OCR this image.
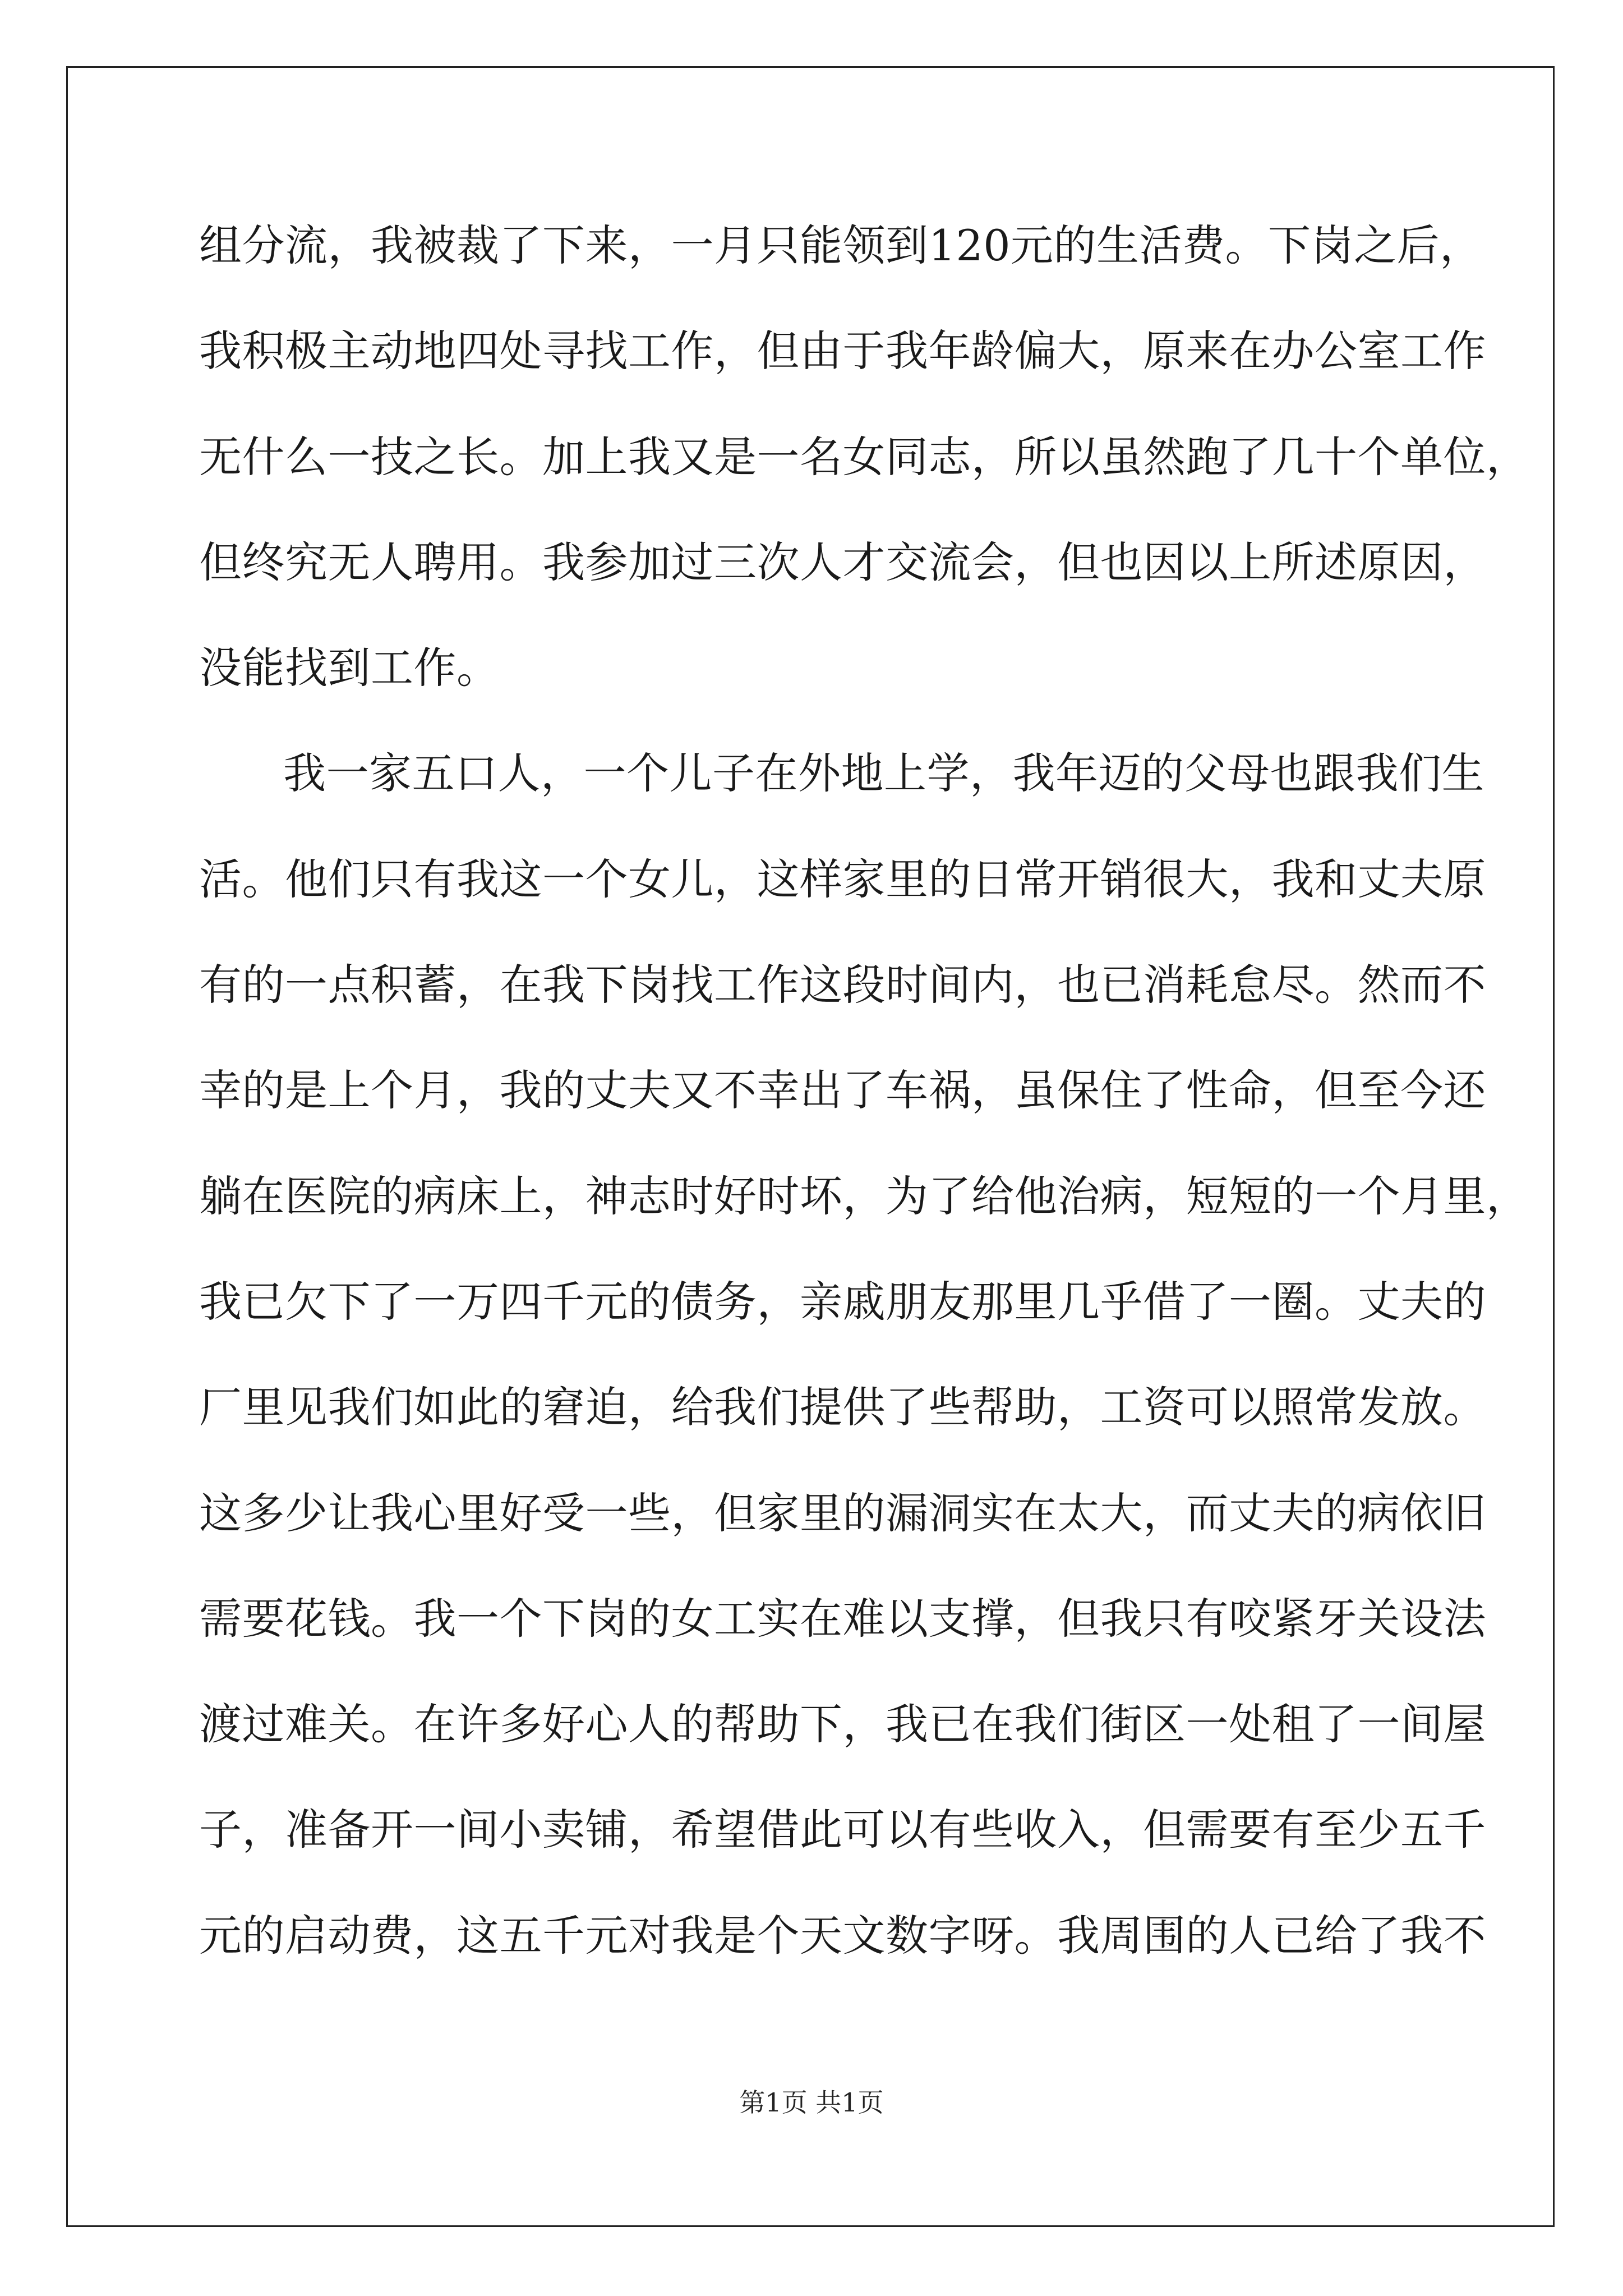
组分流，我被裁了下来，一月只能领到120元的生活费。下岗之后，
我积极主动地四处寻找工作，但由于我年龄偏大，原来在办公室工作
无什么一技之长。加上我又是一名女同志，所以虽然跑了几十个单位，
但终究无人聘用。我参加过三次人才交流会，但也因以上所述原因，
没能找到工作。
我一家五口人，一个儿子在外地上学，我年迈的父母也跟我们生
活。他们只有我这一个女儿，这样家里的日常开销很大，我和丈夫原
有的一点积蓄，在我下岗找工作这段时间内，也已消耗怠尽。然而不
幸的是上个月，我的丈夫又不幸出了车祸，虽保住了性命，但至今还
躺在医院的病床上，神志时好时坏，为了给他治病，短短的一个月里，
我已欠下了一万四千元的债务，亲戚朋友那里几乎借了一圈。丈夫的
厂里见我们如此的窘迫，给我们提供了些帮助，工资可以照常发放。
这多少让我心里好受一些，但家里的漏洞实在太大，而丈夫的病依旧
需要花钱。我一个下岗的女工实在难以支撑，但我只有咬紧牙关设法
渡过难关。在许多好心人的帮助下，我已在我们街区一处租了一间屋
子，准备开一间小卖铺，希望借此可以有些收入，但需要有至少五千
元的启动费，这五千元对我是个天文数字呀。我周围的人已给了我不
第1页 共1页
